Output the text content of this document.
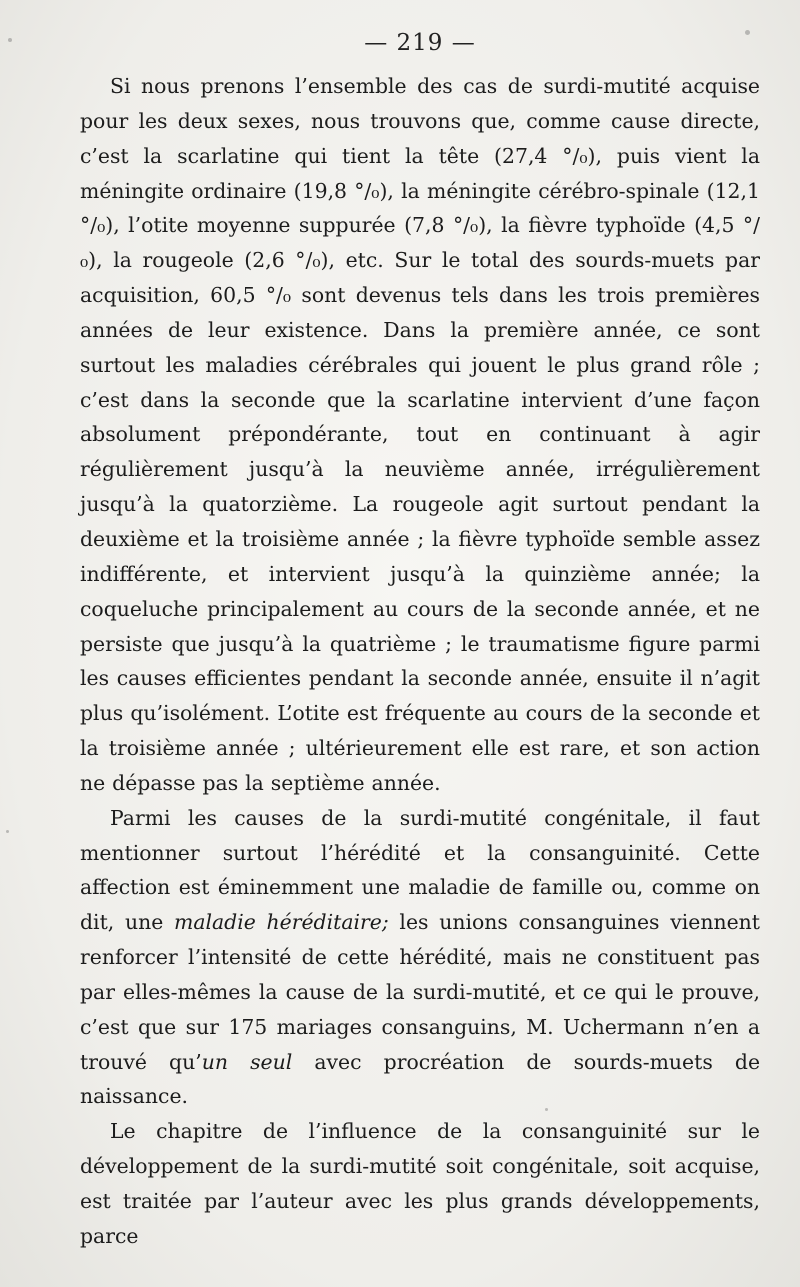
— 219 —

Si nous prenons l’ensemble des cas de surdi-mutité acquise pour les deux sexes, nous trouvons que, comme cause directe, c’est la scarlatine qui tient la tête (27,4 °/₀), puis vient la méningite ordinaire (19,8 °/₀), la méningite cérébro-spinale (12,1 °/₀), l’otite moyenne suppurée (7,8 °/₀), la fièvre typhoïde (4,5 °/₀), la rougeole (2,6 °/₀), etc. Sur le total des sourds-muets par acquisition, 60,5 °/₀ sont devenus tels dans les trois premières années de leur existence. Dans la première année, ce sont surtout les maladies cérébrales qui jouent le plus grand rôle ; c’est dans la seconde que la scarlatine intervient d’une façon absolument prépondérante, tout en continuant à agir régulièrement jusqu’à la neuvième année, irrégulièrement jusqu’à la quatorzième. La rougeole agit surtout pendant la deuxième et la troisième année ; la fièvre typhoïde semble assez indifférente, et intervient jusqu’à la quinzième année; la coqueluche principalement au cours de la seconde année, et ne persiste que jusqu’à la quatrième ; le traumatisme figure parmi les causes efficientes pendant la seconde année, ensuite il n’agit plus qu’isolément. L’otite est fréquente au cours de la seconde et la troisième année ; ultérieurement elle est rare, et son action ne dépasse pas la septième année.

Parmi les causes de la surdi-mutité congénitale, il faut mentionner surtout l’hérédité et la consanguinité. Cette affection est éminemment une maladie de famille ou, comme on dit, une maladie héréditaire; les unions consanguines viennent renforcer l’intensité de cette hérédité, mais ne constituent pas par elles-mêmes la cause de la surdi-mutité, et ce qui le prouve, c’est que sur 175 mariages consanguins, M. Uchermann n’en a trouvé qu’un seul avec procréation de sourds-muets de naissance.

Le chapitre de l’influence de la consanguinité sur le développement de la surdi-mutité soit congénitale, soit acquise, est traitée par l’auteur avec les plus grands développements, parce
